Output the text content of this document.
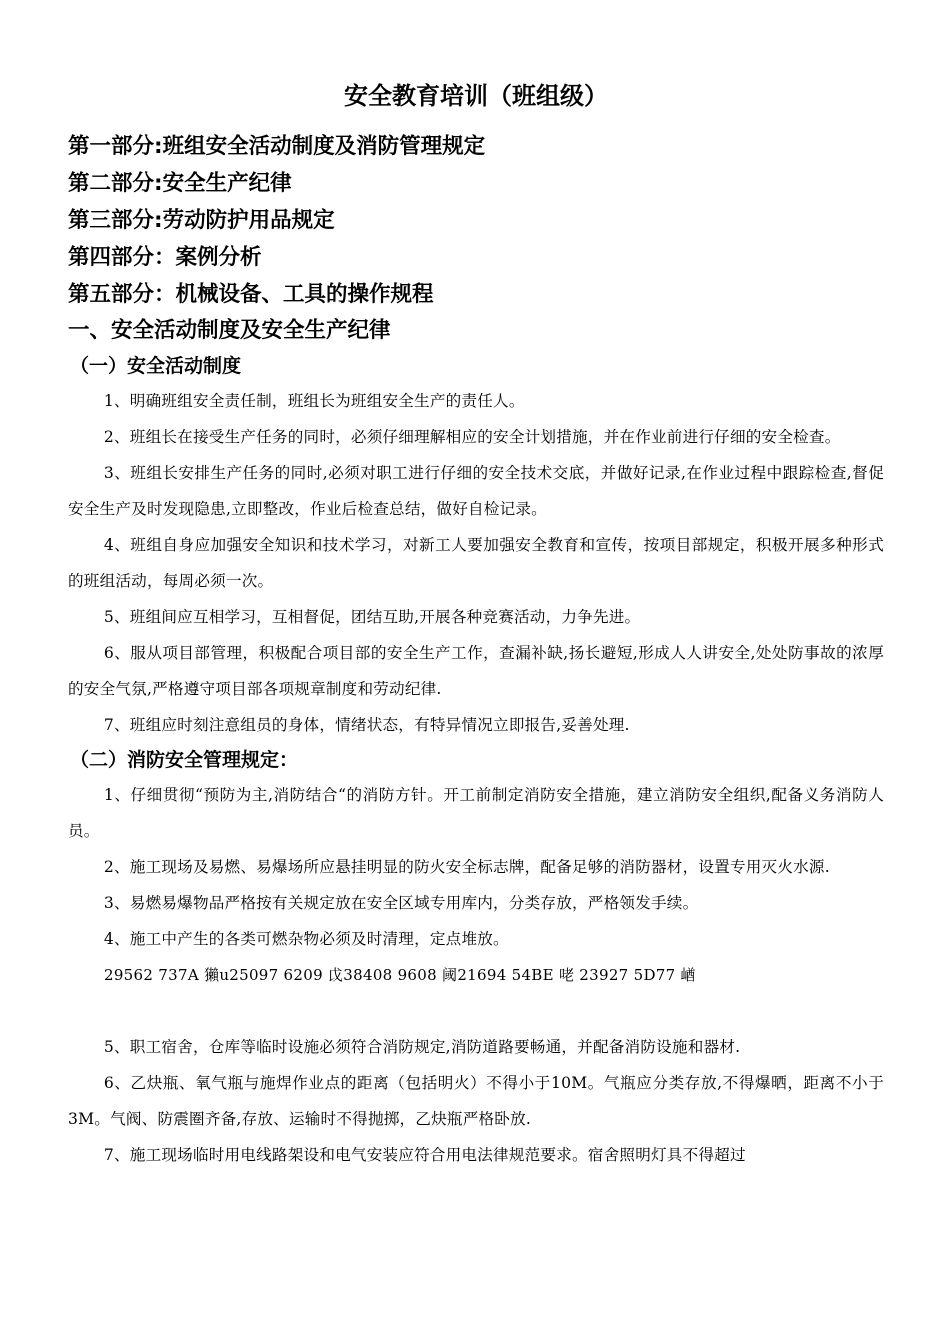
安全教育培训（班组级）

第一部分:班组安全活动制度及消防管理规定

第二部分:安全生产纪律

第三部分:劳动防护用品规定

第四部分：案例分析

第五部分：机械设备、工具的操作规程

一、安全活动制度及安全生产纪律

（一）安全活动制度

1、明确班组安全责任制，班组长为班组安全生产的责任人。

2、班组长在接受生产任务的同时，必须仔细理解相应的安全计划措施，并在作业前进行仔细的安全检查。

3、班组长安排生产任务的同时,必须对职工进行仔细的安全技术交底，并做好记录,在作业过程中跟踪检查,督促安全生产及时发现隐患,立即整改，作业后检查总结，做好自检记录。

4、班组自身应加强安全知识和技术学习，对新工人要加强安全教育和宣传，按项目部规定，积极开展多种形式的班组活动，每周必须一次。

5、班组间应互相学习，互相督促，团结互助,开展各种竞赛活动，力争先进。

6、服从项目部管理，积极配合项目部的安全生产工作，查漏补缺,扬长避短,形成人人讲安全,处处防事故的浓厚的安全气氛,严格遵守项目部各项规章制度和劳动纪律.

7、班组应时刻注意组员的身体，情绪状态，有特异情况立即报告,妥善处理.

（二）消防安全管理规定：

1、仔细贯彻“预防为主,消防结合“的消防方针。开工前制定消防安全措施，建立消防安全组织,配备义务消防人员。

2、施工现场及易燃、易爆场所应悬挂明显的防火安全标志牌，配备足够的消防器材，设置专用灭火水源.

3、易燃易爆物品严格按有关规定放在安全区域专用库内，分类存放，严格领发手续。

4、施工中产生的各类可燃杂物必须及时清理，定点堆放。

29562 737A 獺u25097 6209 戉38408 9608 阈21694 54BE 咾 23927 5D77 崷

5、职工宿舍，仓库等临时设施必须符合消防规定,消防道路要畅通，并配备消防设施和器材.

6、乙炔瓶、氧气瓶与施焊作业点的距离（包括明火）不得小于10M。气瓶应分类存放,不得爆晒，距离不小于3M。气阀、防震圈齐备,存放、运输时不得抛掷，乙炔瓶严格卧放.

7、施工现场临时用电线路架设和电气安装应符合用电法律规范要求。宿舍照明灯具不得超过
